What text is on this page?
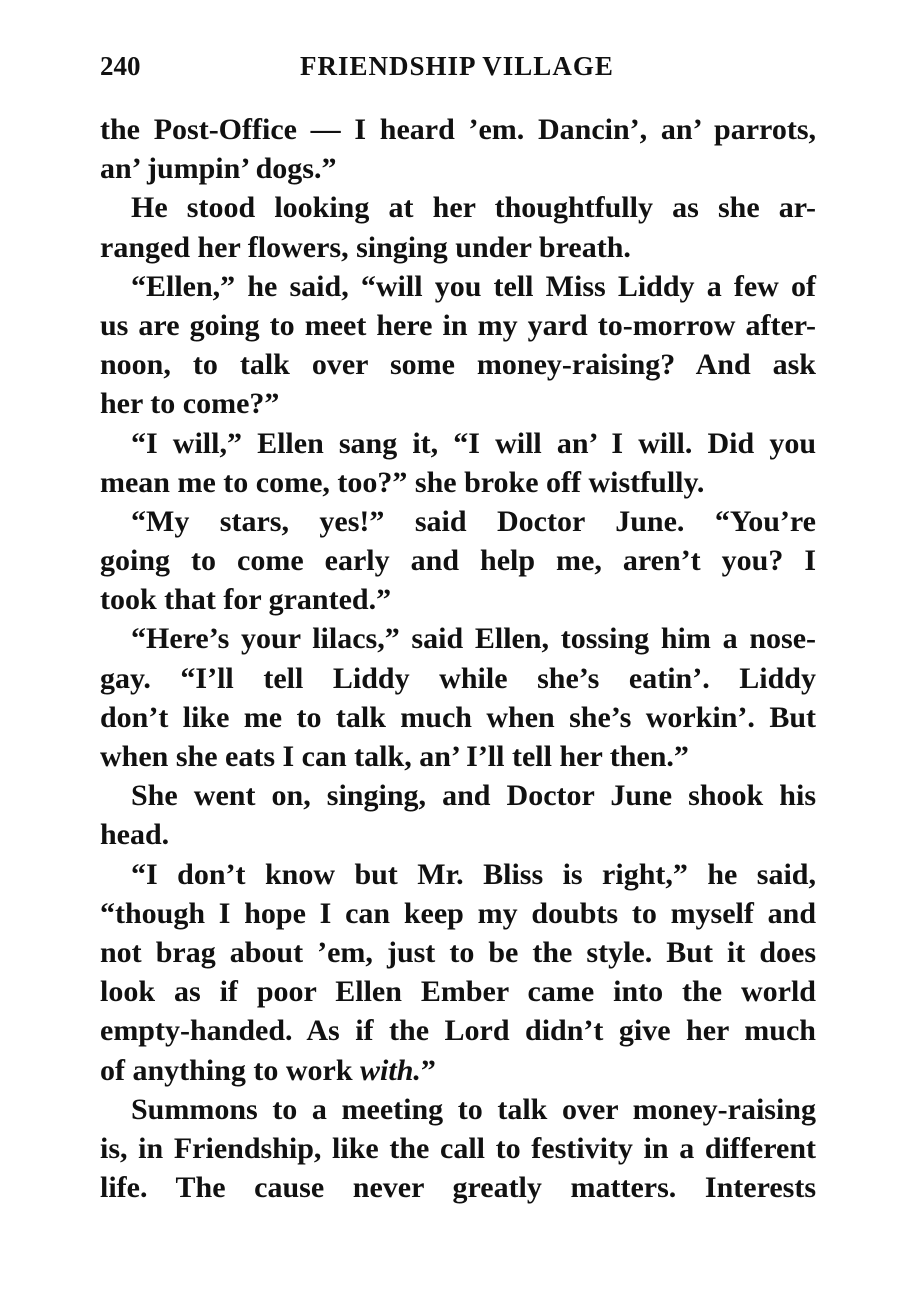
240	FRIENDSHIP VILLAGE
the Post-Office — I heard ’em. Dancin’, an’ parrots,
an’ jumpin’ dogs.”
He stood looking at her thoughtfully as she ar-
ranged her flowers, singing under breath.
“Ellen,” he said, “will you tell Miss Liddy a few of
us are going to meet here in my yard to-morrow after-
noon, to talk over some money-raising? And ask
her to come?”
“I will,” Ellen sang it, “I will an’ I will. Did you
mean me to come, too?” she broke off wistfully.
“My stars, yes!” said Doctor June. “You’re
going to come early and help me, aren’t you? I
took that for granted.”
“Here’s your lilacs,” said Ellen, tossing him a nose-
gay. “I’ll tell Liddy while she’s eatin’. Liddy
don’t like me to talk much when she’s workin’. But
when she eats I can talk, an’ I’ll tell her then.”
She went on, singing, and Doctor June shook his
head.
“I don’t know but Mr. Bliss is right,” he said,
“though I hope I can keep my doubts to myself and
not brag about ’em, just to be the style. But it does
look as if poor Ellen Ember came into the world
empty-handed. As if the Lord didn’t give her much
of anything to work with.”
Summons to a meeting to talk over money-raising
is, in Friendship, like the call to festivity in a different
life. The cause never greatly matters. Interests
